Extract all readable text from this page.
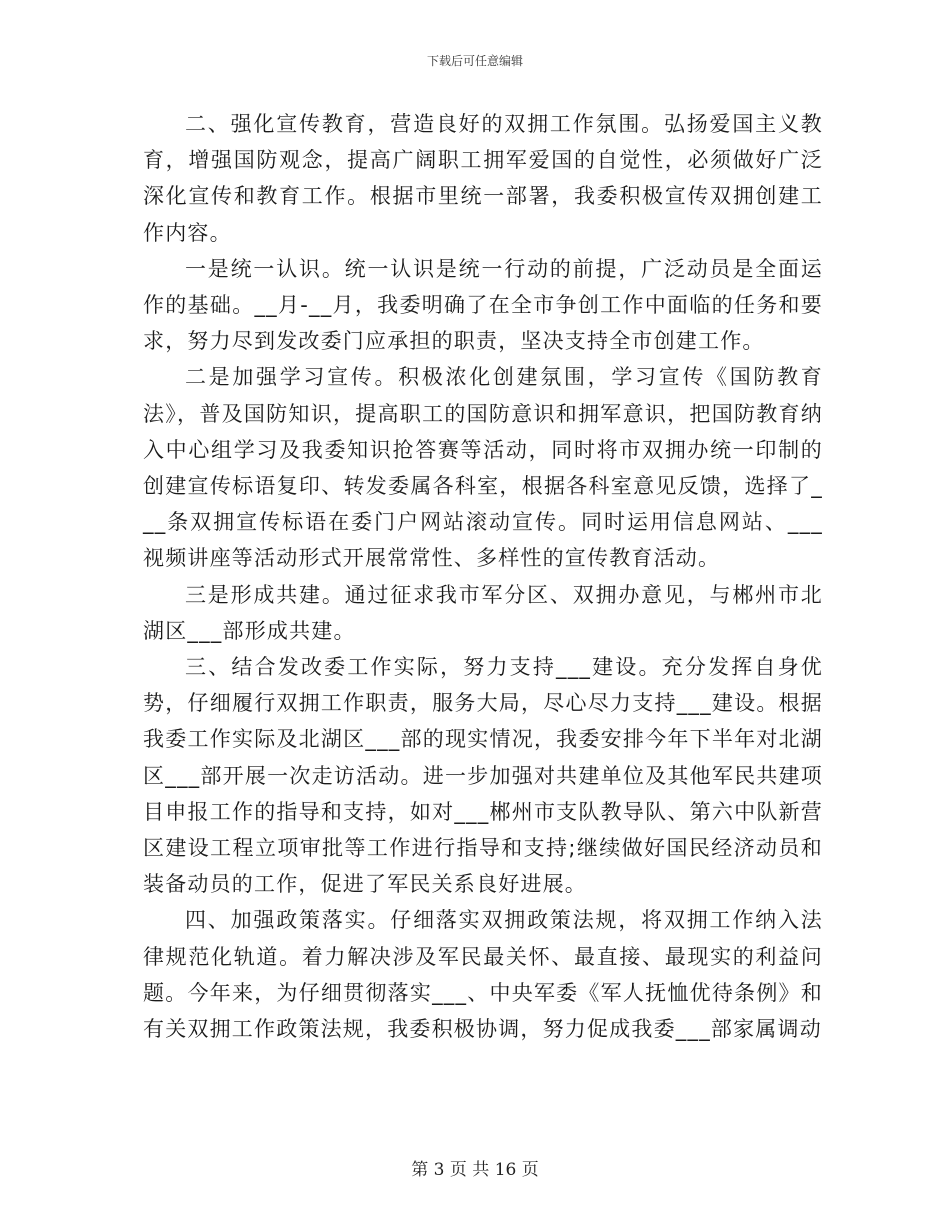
下载后可任意编辑

二、强化宣传教育，营造良好的双拥工作氛围。弘扬爱国主义教育，增强国防观念，提高广阔职工拥军爱国的自觉性，必须做好广泛深化宣传和教育工作。根据市里统一部署，我委积极宣传双拥创建工作内容。

一是统一认识。统一认识是统一行动的前提，广泛动员是全面运作的基础。__月-__月，我委明确了在全市争创工作中面临的任务和要求，努力尽到发改委门应承担的职责，坚决支持全市创建工作。

二是加强学习宣传。积极浓化创建氛围，学习宣传《国防教育法》，普及国防知识，提高职工的国防意识和拥军意识，把国防教育纳入中心组学习及我委知识抢答赛等活动，同时将市双拥办统一印制的创建宣传标语复印、转发委属各科室，根据各科室意见反馈，选择了___条双拥宣传标语在委门户网站滚动宣传。同时运用信息网站、___视频讲座等活动形式开展常常性、多样性的宣传教育活动。

三是形成共建。通过征求我市军分区、双拥办意见，与郴州市北湖区___部形成共建。

三、结合发改委工作实际，努力支持___建设。充分发挥自身优势，仔细履行双拥工作职责，服务大局，尽心尽力支持___建设。根据我委工作实际及北湖区___部的现实情况，我委安排今年下半年对北湖区___部开展一次走访活动。进一步加强对共建单位及其他军民共建项目申报工作的指导和支持，如对___郴州市支队教导队、第六中队新营区建设工程立项审批等工作进行指导和支持;继续做好国民经济动员和装备动员的工作，促进了军民关系良好进展。

四、加强政策落实。仔细落实双拥政策法规，将双拥工作纳入法律规范化轨道。着力解决涉及军民最关怀、最直接、最现实的利益问题。今年来，为仔细贯彻落实___、中央军委《军人抚恤优待条例》和有关双拥工作政策法规，我委积极协调，努力促成我委___部家属调动

第 3 页 共 16 页
